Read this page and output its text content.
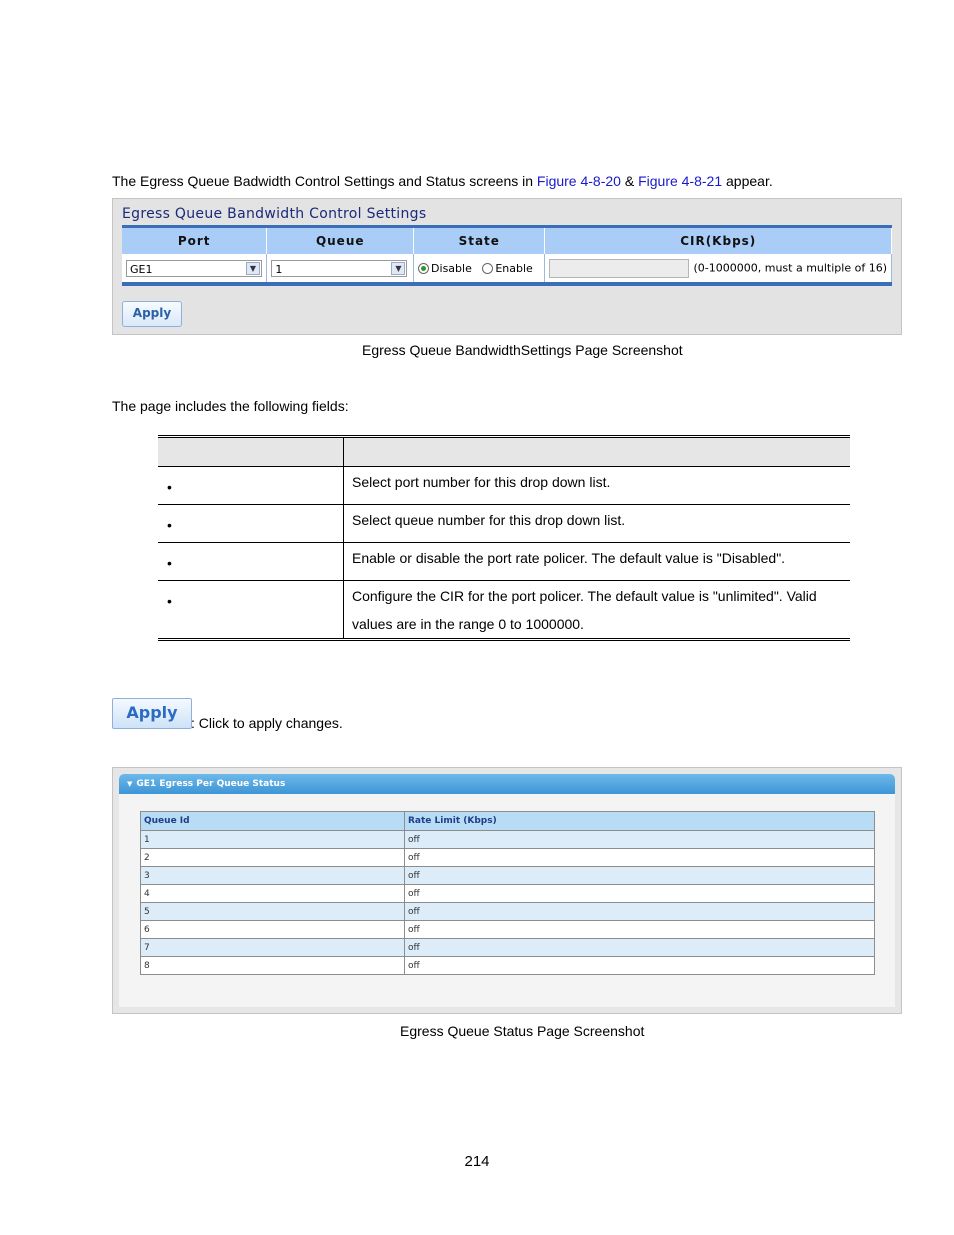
The Egress Queue Badwidth Control Settings and Status screens in Figure 4-8-20 & Figure 4-8-21 appear.
Egress Queue Bandwidth Control Settings
Port	Queue	State	CIR(Kbps)
GE1 ▼	1 ▼	Disable Enable	(0-1000000, must a multiple of 16)
Apply
Egress Queue BandwidthSettings Page Screenshot
The page includes the following fields:

•	Select port number for this drop down list.

•	Select queue number for this drop down list.

•	Enable or disable the port rate policer. The default value is "Disabled".

•	Configure the CIR for the port policer. The default value is "unlimited". Valid values are in the range 0 to 1000000.
Apply
: Click to apply changes.
▼ GE1 Egress Per Queue Status
Queue Id	Rate Limit (Kbps)
1	off
2	off
3	off
4	off
5	off
6	off
7	off
8	off
Egress Queue Status Page Screenshot
214
